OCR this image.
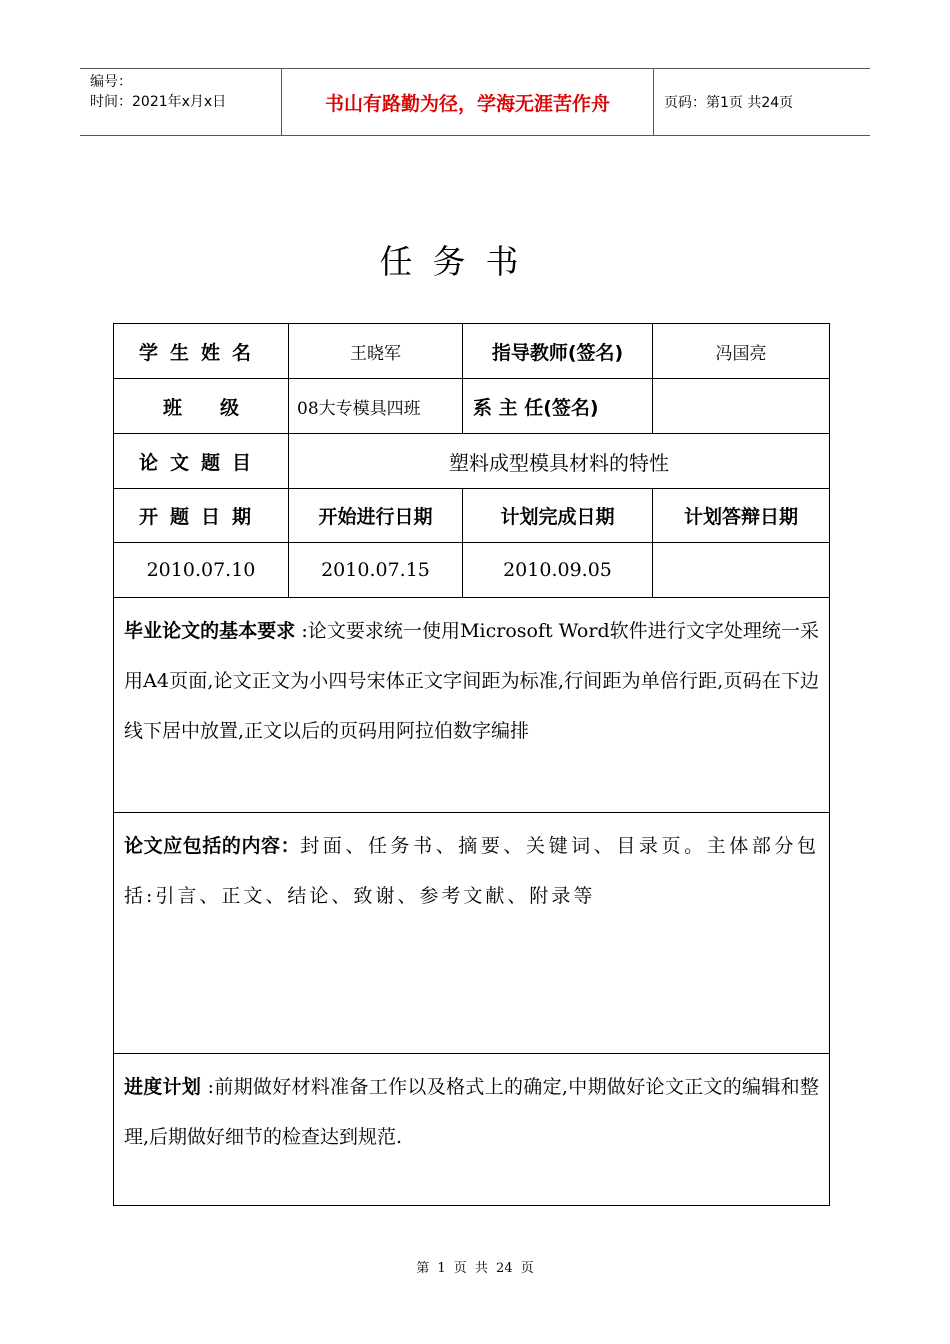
编号：
时间：2021年x月x日	书山有路勤为径，学海无涯苦作舟	页码：第1页 共24页
任务书
学生姓名	王晓军	指导教师(签名)	冯国亮
班　　级	08大专模具四班	系 主 任(签名)	
论文题目	塑料成型模具材料的特性		
开题日期	开始进行日期	计划完成日期	计划答辩日期
2010.07.10	2010.07.15	2010.09.05	
毕业论文的基本要求 :论文要求统一使用Microsoft Word软件进行文字处理统一采用A4页面,论文正文为小四号宋体正文字间距为标准,行间距为单倍行距,页码在下边线下居中放置,正文以后的页码用阿拉伯数字编排			
论文应包括的内容：封面、任务书、摘要、关键词、目录页。主体部分包括:引言、正文、结论、致谢、参考文献、附录等			
进度计划 :前期做好材料准备工作以及格式上的确定,中期做好论文正文的编辑和整理,后期做好细节的检查达到规范.			
第 1 页 共 24 页
